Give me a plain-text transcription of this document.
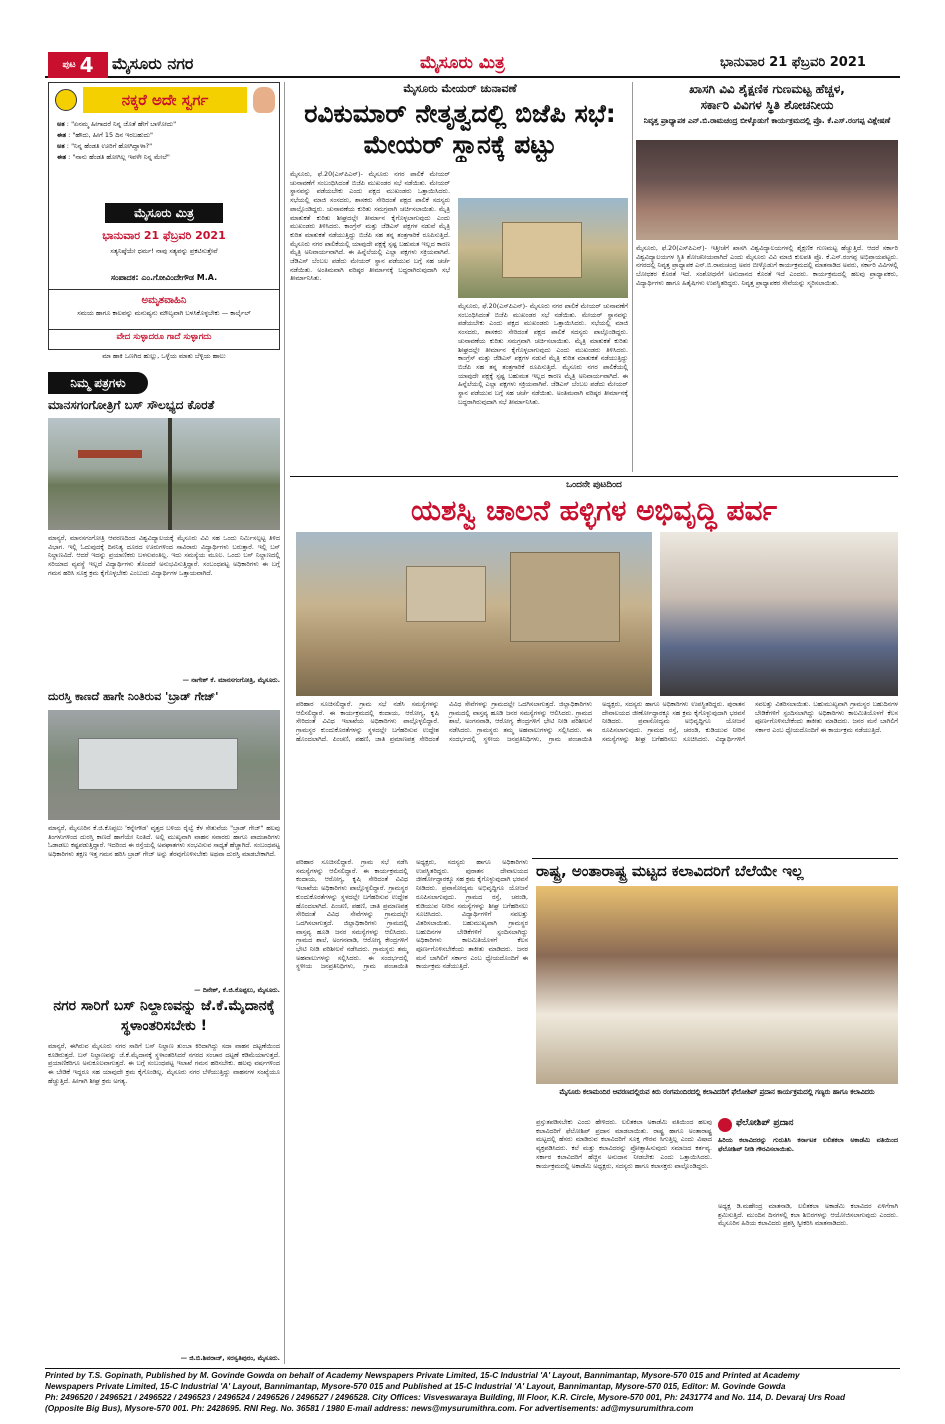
ಪುಟ 4 ಮೈಸೂರು ನಗರ	ಮೈಸೂರು ಮಿತ್ರ	ಭಾನುವಾರ 21 ಫೆಬ್ರವರಿ 2021
ನಕ್ಕರೆ ಅದೇ ಸ್ವರ್ಗ
ಅತ : "ಏನಮ್ಮ ಹೀಗಾದರೆ ನಿನ್ನ ಜೊತೆ ಹೇಗೆ ಬಾಳೋದು"
ಈತ : "ಹೌದು, ಹೀಗೆ 15 ದಿನ ಇರಬಹುದು"
ಅತ : "ನಿನ್ನ ಹೆಂಡತಿ ಊರಿಗೆ ಹೋಗಿದ್ದಾಳಾ?"
ಈತ : "ನಾನು ಹೆಂಡತಿ ಹೋಗಿಲ್ಲ ಇವಳೇ ನಿನ್ನ ಮೇಲೆ"
ಮೈಸೂರು ಮಿತ್ರ
ಭಾನುವಾರ 21 ಫೆಬ್ರವರಿ 2021
ಸತ್ಯನಿಷ್ಠೆಯೇ ಧರ್ಮ! ನಾವು ಸತ್ಯವನ್ನು ಪ್ರಕಟಿಸುತ್ತೇವೆ
ಸಂಪಾದಕ: ಎಂ.ಗೋವಿಂದೇಗೌಡ M.A.
ಅಮೃತವಾಹಿನಿ
ಸಮಯ ಹಾಗೂ ಕಾಲವನ್ನು ಮನುಷ್ಯನು ಮೌಲ್ಯವಾಗಿ ಬಳಸಿಕೊಳ್ಳಬೇಕು — ಕಾರ್ಲೈಲ್
ವೇದ ಸುಳ್ಳಾದರೂ ಗಾದೆ ಸುಳ್ಳಾಗದು
ಮಾ ಹಾಕಿ ಒಣಗಿದ ಹುಲ್ಲು, ಒಳ್ಳೆಯ ಮಾತು ಬೆಳ್ಳಿಯ ಹಾಲು
ನಿಮ್ಮ ಪತ್ರಗಳು
ಮಾನಸಗಂಗೋತ್ರಿಗೆ ಬಸ್ ಸೌಲಭ್ಯದ ಕೊರತೆ
ಮಾನ್ಯರೆ, ಮಾನಸಗಂಗೋತ್ರಿ ಆವರಣದಿಂದ ವಿಶ್ವವಿದ್ಯಾಲಯಕ್ಕೆ ಮೈಸೂರು ವಿವಿ ಸಹ ಒಂದು ನಿರ್ಮಿಸಲ್ಪಟ್ಟ ತಿಳಿದ ವಿಭಾಗ. ಇಲ್ಲಿ ಓದುವುದಕ್ಕೆ ದಿನನಿತ್ಯ ದೂರದ ಊರುಗಳಿಂದ ಸಾವಿರಾರು ವಿದ್ಯಾರ್ಥಿಗಳು ಬರುತ್ತಾರೆ. ಇಲ್ಲಿ ಬಸ್ ನಿಲ್ದಾಣವಿದೆ. ಆದರೆ ಇದನ್ನು ಪ್ರಯಾಣಿಕರು ಬಳಸುವಂತಿಲ್ಲ. ಇದು ಸಮಸ್ಯೆಯ ಮೂಲ. ಒಂದು ಬಸ್ ನಿಲ್ದಾಣದಲ್ಲಿ ಸರಿಯಾದ ವ್ಯವಸ್ಥೆ ಇಲ್ಲದೆ ವಿದ್ಯಾರ್ಥಿಗಳು ತೊಂದರೆ ಅನುಭವಿಸುತ್ತಿದ್ದಾರೆ. ಸಂಬಂಧಪಟ್ಟ ಅಧಿಕಾರಿಗಳು ಈ ಬಗ್ಗೆ ಗಮನ ಹರಿಸಿ ಸೂಕ್ತ ಕ್ರಮ ಕೈಗೊಳ್ಳಬೇಕು ಎಂಬುದು ವಿದ್ಯಾರ್ಥಿಗಳ ಒತ್ತಾಯವಾಗಿದೆ.
— ನಾಗೇಶ್ ಕೆ. ಮಾನಸಗಂಗೋತ್ರಿ, ಮೈಸೂರು.
ದುರಸ್ತಿ ಕಾಣದೆ ಹಾಗೇ ನಿಂತಿರುವ 'ಬ್ರಾಡ್ ಗೇಜ್'
ಮಾನ್ಯರೆ, ಮೈಸೂರಿನ ಕೆ.ಜಿ.ಕೊಪ್ಪಲು 'ಕನ್ನೇಗೌಡ' ವೃತ್ತದ ಬಳಿಯ ರೈಲ್ವೆ ಕೆಳ ಸೇತುವೆಯ "ಬ್ರಾಡ್ ಗೇಜ್" ಹಲವು ತಿಂಗಳುಗಳಿಂದ ದುರಸ್ತಿ ಕಾಣದೆ ಹಾಗೆಯೇ ನಿಂತಿದೆ. ಅಲ್ಲಿ ಮುಖ್ಯವಾಗಿ ವಾಹನ ಸವಾರರು ಹಾಗೂ ಪಾದಚಾರಿಗಳು ಓಡಾಡಲು ಕಷ್ಟಪಡುತ್ತಿದ್ದಾರೆ. ಇದರಿಂದ ಈ ರಸ್ತೆಯಲ್ಲಿ ಅಪಘಾತಗಳು ಸಂಭವಿಸುವ ಸಾಧ್ಯತೆ ಹೆಚ್ಚಾಗಿದೆ. ಸಂಬಂಧಪಟ್ಟ ಅಧಿಕಾರಿಗಳು ತಕ್ಷಣ ಇತ್ತ ಗಮನ ಹರಿಸಿ ಬ್ರಾಡ್ ಗೇಜ್ ಅನ್ನು ತೆರವುಗೊಳಿಸಬೇಕು ಅಥವಾ ದುರಸ್ತಿ ಮಾಡಬೇಕಾಗಿದೆ.
— ದಿನೇಶ್, ಕೆ.ಜಿ.ಕೊಪ್ಪಲು, ಮೈಸೂರು.
ನಗರ ಸಾರಿಗೆ ಬಸ್ ನಿಲ್ದಾಣವನ್ನು ಜೆ.ಕೆ.ಮೈದಾನಕ್ಕೆ ಸ್ಥಳಾಂತರಿಸಬೇಕು !
ಮಾನ್ಯರೆ, ಈಗಿರುವ ಮೈಸೂರು ನಗರ ಸಾರಿಗೆ ಬಸ್ ನಿಲ್ದಾಣ ತುಂಬಾ ಕಿರಿದಾಗಿದ್ದು ಸದಾ ವಾಹನ ದಟ್ಟಣೆಯಿಂದ ಕೂಡಿರುತ್ತದೆ. ಬಸ್ ನಿಲ್ದಾಣವನ್ನು ಜೆ.ಕೆ.ಮೈದಾನಕ್ಕೆ ಸ್ಥಳಾಂತರಿಸಿದರೆ ನಗರದ ಸಂಚಾರ ದಟ್ಟಣೆ ಕಡಿಮೆಯಾಗುತ್ತದೆ. ಪ್ರಯಾಣಿಕರಿಗೂ ಅನುಕೂಲವಾಗುತ್ತದೆ. ಈ ಬಗ್ಗೆ ಸಂಬಂಧಪಟ್ಟ ಇಲಾಖೆ ಗಮನ ಹರಿಸಬೇಕು. ಹಲವು ವರ್ಷಗಳಿಂದ ಈ ಬೇಡಿಕೆ ಇದ್ದರೂ ಸಹ ಯಾವುದೇ ಕ್ರಮ ಕೈಗೊಂಡಿಲ್ಲ. ಮೈಸೂರು ನಗರ ಬೆಳೆಯುತ್ತಿದ್ದು ವಾಹನಗಳ ಸಂಖ್ಯೆಯೂ ಹೆಚ್ಚುತ್ತಿದೆ. ಹೀಗಾಗಿ ಶೀಘ್ರ ಕ್ರಮ ಅಗತ್ಯ.
— ಜಿ.ಬಿ.ಶಿವರಾಜ್, ಸರಸ್ವತಿಪುರಂ, ಮೈಸೂರು.
ಮೈಸೂರು ಮೇಯರ್ ಚುನಾವಣೆ
ರವಿಕುಮಾರ್ ನೇತೃತ್ವದಲ್ಲಿ ಬಿಜೆಪಿ ಸಭೆ: ಮೇಯರ್ ಸ್ಥಾನಕ್ಕೆ ಪಟ್ಟು
ಮೈಸೂರು, ಫೆ.20(ಎಸ್‌ಪಿಎನ್)- ಮೈಸೂರು ನಗರ ಪಾಲಿಕೆ ಮೇಯರ್ ಚುನಾವಣೆಗೆ ಸಂಬಂಧಿಸಿದಂತೆ ಬಿಜೆಪಿ ಮುಖಂಡರ ಸಭೆ ನಡೆಯಿತು. ಮೇಯರ್ ಸ್ಥಾನವನ್ನು ಪಡೆಯಬೇಕು ಎಂದು ಪಕ್ಷದ ಮುಖಂಡರು ಒತ್ತಾಯಿಸಿದರು. ಸಭೆಯಲ್ಲಿ ಮಾಜಿ ಸಂಸದರು, ಶಾಸಕರು ಸೇರಿದಂತೆ ಪಕ್ಷದ ಪಾಲಿಕೆ ಸದಸ್ಯರು ಪಾಲ್ಗೊಂಡಿದ್ದರು. ಚುನಾವಣೆಯ ಕುರಿತು ಸಮಗ್ರವಾಗಿ ಚರ್ಚಿಸಲಾಯಿತು. ಮೈತ್ರಿ ಮಾತುಕತೆ ಕುರಿತು ಶೀಘ್ರದಲ್ಲೇ ತೀರ್ಮಾನ ಕೈಗೊಳ್ಳಲಾಗುವುದು ಎಂದು ಮುಖಂಡರು ತಿಳಿಸಿದರು. ಕಾಂಗ್ರೆಸ್ ಮತ್ತು ಜೆಡಿಎಸ್ ಪಕ್ಷಗಳ ನಡುವೆ ಮೈತ್ರಿ ಕುರಿತ ಮಾತುಕತೆ ನಡೆಯುತ್ತಿದ್ದು ಬಿಜೆಪಿ ಸಹ ತನ್ನ ತಂತ್ರಗಾರಿಕೆ ರೂಪಿಸುತ್ತಿದೆ. ಮೈಸೂರು ನಗರ ಪಾಲಿಕೆಯಲ್ಲಿ ಯಾವುದೇ ಪಕ್ಷಕ್ಕೆ ಸ್ಪಷ್ಟ ಬಹುಮತ ಇಲ್ಲದ ಕಾರಣ ಮೈತ್ರಿ ಅನಿವಾರ್ಯವಾಗಿದೆ. ಈ ಹಿನ್ನೆಲೆಯಲ್ಲಿ ಎಲ್ಲಾ ಪಕ್ಷಗಳು ಸಕ್ರಿಯವಾಗಿವೆ. ಜೆಡಿಎಸ್ ಬೆಂಬಲ ಪಡೆದು ಮೇಯರ್ ಸ್ಥಾನ ಪಡೆಯುವ ಬಗ್ಗೆ ಸಹ ಚರ್ಚೆ ನಡೆಯಿತು. ಅಂತಿಮವಾಗಿ ವರಿಷ್ಠರ ತೀರ್ಮಾನಕ್ಕೆ ಬದ್ಧರಾಗಿರುವುದಾಗಿ ಸಭೆ ತೀರ್ಮಾನಿಸಿತು.
ಮೈಸೂರು, ಫೆ.20(ಎಸ್‌ಪಿಎನ್)- ಮೈಸೂರು ನಗರ ಪಾಲಿಕೆ ಮೇಯರ್ ಚುನಾವಣೆಗೆ ಸಂಬಂಧಿಸಿದಂತೆ ಬಿಜೆಪಿ ಮುಖಂಡರ ಸಭೆ ನಡೆಯಿತು. ಮೇಯರ್ ಸ್ಥಾನವನ್ನು ಪಡೆಯಬೇಕು ಎಂದು ಪಕ್ಷದ ಮುಖಂಡರು ಒತ್ತಾಯಿಸಿದರು. ಸಭೆಯಲ್ಲಿ ಮಾಜಿ ಸಂಸದರು, ಶಾಸಕರು ಸೇರಿದಂತೆ ಪಕ್ಷದ ಪಾಲಿಕೆ ಸದಸ್ಯರು ಪಾಲ್ಗೊಂಡಿದ್ದರು. ಚುನಾವಣೆಯ ಕುರಿತು ಸಮಗ್ರವಾಗಿ ಚರ್ಚಿಸಲಾಯಿತು. ಮೈತ್ರಿ ಮಾತುಕತೆ ಕುರಿತು ಶೀಘ್ರದಲ್ಲೇ ತೀರ್ಮಾನ ಕೈಗೊಳ್ಳಲಾಗುವುದು ಎಂದು ಮುಖಂಡರು ತಿಳಿಸಿದರು. ಕಾಂಗ್ರೆಸ್ ಮತ್ತು ಜೆಡಿಎಸ್ ಪಕ್ಷಗಳ ನಡುವೆ ಮೈತ್ರಿ ಕುರಿತ ಮಾತುಕತೆ ನಡೆಯುತ್ತಿದ್ದು ಬಿಜೆಪಿ ಸಹ ತನ್ನ ತಂತ್ರಗಾರಿಕೆ ರೂಪಿಸುತ್ತಿದೆ. ಮೈಸೂರು ನಗರ ಪಾಲಿಕೆಯಲ್ಲಿ ಯಾವುದೇ ಪಕ್ಷಕ್ಕೆ ಸ್ಪಷ್ಟ ಬಹುಮತ ಇಲ್ಲದ ಕಾರಣ ಮೈತ್ರಿ ಅನಿವಾರ್ಯವಾಗಿದೆ. ಈ ಹಿನ್ನೆಲೆಯಲ್ಲಿ ಎಲ್ಲಾ ಪಕ್ಷಗಳು ಸಕ್ರಿಯವಾಗಿವೆ. ಜೆಡಿಎಸ್ ಬೆಂಬಲ ಪಡೆದು ಮೇಯರ್ ಸ್ಥಾನ ಪಡೆಯುವ ಬಗ್ಗೆ ಸಹ ಚರ್ಚೆ ನಡೆಯಿತು. ಅಂತಿಮವಾಗಿ ವರಿಷ್ಠರ ತೀರ್ಮಾನಕ್ಕೆ ಬದ್ಧರಾಗಿರುವುದಾಗಿ ಸಭೆ ತೀರ್ಮಾನಿಸಿತು.
ಖಾಸಗಿ ವಿವಿ ಶೈಕ್ಷಣಿಕ ಗುಣಮಟ್ಟ ಹೆಚ್ಚಳ,
ಸರ್ಕಾರಿ ವಿವಿಗಳ ಸ್ಥಿತಿ ಶೋಚನೀಯ
ನಿವೃತ್ತ ಪ್ರಾಧ್ಯಾಪಕ ಎನ್.ಬಿ.ರಾಮಚಂದ್ರ ಬೀಳ್ಕೊಡುಗೆ ಕಾರ್ಯಕ್ರಮದಲ್ಲಿ ಪ್ರೊ. ಕೆ.ಎಸ್.ರಂಗಪ್ಪ ವಿಶ್ಲೇಷಣೆ
ಮೈಸೂರು, ಫೆ.20(ಎಸ್‌ಪಿಎನ್)- ಇತ್ತೀಚೆಗೆ ಖಾಸಗಿ ವಿಶ್ವವಿದ್ಯಾಲಯಗಳಲ್ಲಿ ಶೈಕ್ಷಣಿಕ ಗುಣಮಟ್ಟ ಹೆಚ್ಚುತ್ತಿದೆ. ಆದರೆ ಸರ್ಕಾರಿ ವಿಶ್ವವಿದ್ಯಾಲಯಗಳ ಸ್ಥಿತಿ ಶೋಚನೀಯವಾಗಿದೆ ಎಂದು ಮೈಸೂರು ವಿವಿ ಮಾಜಿ ಕುಲಪತಿ ಪ್ರೊ. ಕೆ.ಎಸ್.ರಂಗಪ್ಪ ಅಭಿಪ್ರಾಯಪಟ್ಟರು. ನಗರದಲ್ಲಿ ನಿವೃತ್ತ ಪ್ರಾಧ್ಯಾಪಕ ಎನ್.ಬಿ.ರಾಮಚಂದ್ರ ಅವರ ಬೀಳ್ಕೊಡುಗೆ ಕಾರ್ಯಕ್ರಮದಲ್ಲಿ ಮಾತನಾಡಿದ ಅವರು, ಸರ್ಕಾರಿ ವಿವಿಗಳಲ್ಲಿ ಬೋಧಕರ ಕೊರತೆ ಇದೆ. ಸಂಶೋಧನೆಗೆ ಅನುದಾನದ ಕೊರತೆ ಇದೆ ಎಂದರು. ಕಾರ್ಯಕ್ರಮದಲ್ಲಿ ಹಲವು ಪ್ರಾಧ್ಯಾಪಕರು, ವಿದ್ಯಾರ್ಥಿಗಳು ಹಾಗೂ ಹಿತೈಷಿಗಳು ಉಪಸ್ಥಿತರಿದ್ದರು. ನಿವೃತ್ತ ಪ್ರಾಧ್ಯಾಪಕರ ಸೇವೆಯನ್ನು ಸ್ಮರಿಸಲಾಯಿತು.
ಒಂದನೇ ಪುಟದಿಂದ
ಯಶಸ್ವಿ ಚಾಲನೆ ಹಳ್ಳಿಗಳ ಅಭಿವೃದ್ಧಿ ಪರ್ವ
ಪರಿಹಾರ ಸೂಚಿಸಲಿದ್ದಾರೆ. ಗ್ರಾಮ ಸಭೆ ನಡೆಸಿ ಸಮಸ್ಯೆಗಳನ್ನು ಆಲಿಸಲಿದ್ದಾರೆ. ಈ ಕಾರ್ಯಕ್ರಮದಲ್ಲಿ ಕಂದಾಯ, ಆರೋಗ್ಯ, ಕೃಷಿ ಸೇರಿದಂತೆ ವಿವಿಧ ಇಲಾಖೆಯ ಅಧಿಕಾರಿಗಳು ಪಾಲ್ಗೊಳ್ಳಲಿದ್ದಾರೆ. ಗ್ರಾಮಸ್ಥರ ಕುಂದುಕೊರತೆಗಳನ್ನು ಸ್ಥಳದಲ್ಲೇ ಬಗೆಹರಿಸುವ ಉದ್ದೇಶ ಹೊಂದಲಾಗಿದೆ. ಪಿಂಚಣಿ, ಪಹಣಿ, ಜಾತಿ ಪ್ರಮಾಣಪತ್ರ ಸೇರಿದಂತೆ ವಿವಿಧ ಸೇವೆಗಳನ್ನು ಗ್ರಾಮದಲ್ಲೇ ಒದಗಿಸಲಾಗುತ್ತದೆ. ಜಿಲ್ಲಾಧಿಕಾರಿಗಳು ಗ್ರಾಮದಲ್ಲಿ ವಾಸ್ತವ್ಯ ಹೂಡಿ ಜನರ ಸಮಸ್ಯೆಗಳನ್ನು ಆಲಿಸಿದರು. ಗ್ರಾಮದ ಶಾಲೆ, ಅಂಗನವಾಡಿ, ಆರೋಗ್ಯ ಕೇಂದ್ರಗಳಿಗೆ ಭೇಟಿ ನೀಡಿ ಪರಿಶೀಲನೆ ನಡೆಸಿದರು. ಗ್ರಾಮಸ್ಥರು ತಮ್ಮ ಅಹವಾಲುಗಳನ್ನು ಸಲ್ಲಿಸಿದರು. ಈ ಸಂದರ್ಭದಲ್ಲಿ ಸ್ಥಳೀಯ ಜನಪ್ರತಿನಿಧಿಗಳು, ಗ್ರಾಮ ಪಂಚಾಯಿತಿ ಅಧ್ಯಕ್ಷರು, ಸದಸ್ಯರು ಹಾಗೂ ಅಧಿಕಾರಿಗಳು ಉಪಸ್ಥಿತರಿದ್ದರು. ಪುರಾತನ ದೇವಾಲಯದ ಜೀರ್ಣೋದ್ಧಾರಕ್ಕೂ ಸಹ ಕ್ರಮ ಕೈಗೊಳ್ಳುವುದಾಗಿ ಭರವಸೆ ನೀಡಿದರು. ಪ್ರವಾಸೋದ್ಯಮ ಅಭಿವೃದ್ಧಿಗೂ ಯೋಜನೆ ರೂಪಿಸಲಾಗುವುದು. ಗ್ರಾಮದ ರಸ್ತೆ, ಚರಂಡಿ, ಕುಡಿಯುವ ನೀರಿನ ಸಮಸ್ಯೆಗಳನ್ನು ಶೀಘ್ರ ಬಗೆಹರಿಸಲು ಸೂಚಿಸಿದರು. ವಿದ್ಯಾರ್ಥಿಗಳಿಗೆ ಸವಲತ್ತು ವಿತರಿಸಲಾಯಿತು. ಬಹುಮುಖ್ಯವಾಗಿ ಗ್ರಾಮಸ್ಥರ ಬಹುದಿನಗಳ ಬೇಡಿಕೆಗಳಿಗೆ ಸ್ಪಂದಿಸಲಾಗಿದ್ದು ಅಧಿಕಾರಿಗಳು ಕಾಲಮಿತಿಯೊಳಗೆ ಕೆಲಸ ಪೂರ್ಣಗೊಳಿಸಬೇಕೆಂದು ತಾಕೀತು ಮಾಡಿದರು. ಜನರ ಮನೆ ಬಾಗಿಲಿಗೆ ಸರ್ಕಾರ ಎಂಬ ಧ್ಯೇಯದೊಂದಿಗೆ ಈ ಕಾರ್ಯಕ್ರಮ ನಡೆಯುತ್ತಿದೆ.
ಪರಿಹಾರ ಸೂಚಿಸಲಿದ್ದಾರೆ. ಗ್ರಾಮ ಸಭೆ ನಡೆಸಿ ಸಮಸ್ಯೆಗಳನ್ನು ಆಲಿಸಲಿದ್ದಾರೆ. ಈ ಕಾರ್ಯಕ್ರಮದಲ್ಲಿ ಕಂದಾಯ, ಆರೋಗ್ಯ, ಕೃಷಿ ಸೇರಿದಂತೆ ವಿವಿಧ ಇಲಾಖೆಯ ಅಧಿಕಾರಿಗಳು ಪಾಲ್ಗೊಳ್ಳಲಿದ್ದಾರೆ. ಗ್ರಾಮಸ್ಥರ ಕುಂದುಕೊರತೆಗಳನ್ನು ಸ್ಥಳದಲ್ಲೇ ಬಗೆಹರಿಸುವ ಉದ್ದೇಶ ಹೊಂದಲಾಗಿದೆ. ಪಿಂಚಣಿ, ಪಹಣಿ, ಜಾತಿ ಪ್ರಮಾಣಪತ್ರ ಸೇರಿದಂತೆ ವಿವಿಧ ಸೇವೆಗಳನ್ನು ಗ್ರಾಮದಲ್ಲೇ ಒದಗಿಸಲಾಗುತ್ತದೆ. ಜಿಲ್ಲಾಧಿಕಾರಿಗಳು ಗ್ರಾಮದಲ್ಲಿ ವಾಸ್ತವ್ಯ ಹೂಡಿ ಜನರ ಸಮಸ್ಯೆಗಳನ್ನು ಆಲಿಸಿದರು. ಗ್ರಾಮದ ಶಾಲೆ, ಅಂಗನವಾಡಿ, ಆರೋಗ್ಯ ಕೇಂದ್ರಗಳಿಗೆ ಭೇಟಿ ನೀಡಿ ಪರಿಶೀಲನೆ ನಡೆಸಿದರು. ಗ್ರಾಮಸ್ಥರು ತಮ್ಮ ಅಹವಾಲುಗಳನ್ನು ಸಲ್ಲಿಸಿದರು. ಈ ಸಂದರ್ಭದಲ್ಲಿ ಸ್ಥಳೀಯ ಜನಪ್ರತಿನಿಧಿಗಳು, ಗ್ರಾಮ ಪಂಚಾಯಿತಿ ಅಧ್ಯಕ್ಷರು, ಸದಸ್ಯರು ಹಾಗೂ ಅಧಿಕಾರಿಗಳು ಉಪಸ್ಥಿತರಿದ್ದರು. ಪುರಾತನ ದೇವಾಲಯದ ಜೀರ್ಣೋದ್ಧಾರಕ್ಕೂ ಸಹ ಕ್ರಮ ಕೈಗೊಳ್ಳುವುದಾಗಿ ಭರವಸೆ ನೀಡಿದರು. ಪ್ರವಾಸೋದ್ಯಮ ಅಭಿವೃದ್ಧಿಗೂ ಯೋಜನೆ ರೂಪಿಸಲಾಗುವುದು. ಗ್ರಾಮದ ರಸ್ತೆ, ಚರಂಡಿ, ಕುಡಿಯುವ ನೀರಿನ ಸಮಸ್ಯೆಗಳನ್ನು ಶೀಘ್ರ ಬಗೆಹರಿಸಲು ಸೂಚಿಸಿದರು. ವಿದ್ಯಾರ್ಥಿಗಳಿಗೆ ಸವಲತ್ತು ವಿತರಿಸಲಾಯಿತು. ಬಹುಮುಖ್ಯವಾಗಿ ಗ್ರಾಮಸ್ಥರ ಬಹುದಿನಗಳ ಬೇಡಿಕೆಗಳಿಗೆ ಸ್ಪಂದಿಸಲಾಗಿದ್ದು ಅಧಿಕಾರಿಗಳು ಕಾಲಮಿತಿಯೊಳಗೆ ಕೆಲಸ ಪೂರ್ಣಗೊಳಿಸಬೇಕೆಂದು ತಾಕೀತು ಮಾಡಿದರು. ಜನರ ಮನೆ ಬಾಗಿಲಿಗೆ ಸರ್ಕಾರ ಎಂಬ ಧ್ಯೇಯದೊಂದಿಗೆ ಈ ಕಾರ್ಯಕ್ರಮ ನಡೆಯುತ್ತಿದೆ.
ರಾಷ್ಟ್ರ, ಅಂತಾರಾಷ್ಟ್ರ ಮಟ್ಟದ ಕಲಾವಿದರಿಗೆ ಬೆಲೆಯೇ ಇಲ್ಲ
ಮೈಸೂರು ಕಲಾಮಂದಿರ ಆವರಣದಲ್ಲಿರುವ ಕಿರು ರಂಗಮಂದಿರದಲ್ಲಿ ಕಲಾವಿದರಿಗೆ ಫೆಲೋಶಿಪ್ ಪ್ರದಾನ ಕಾರ್ಯಕ್ರಮದಲ್ಲಿ ಗಣ್ಯರು ಹಾಗೂ ಕಲಾವಿದರು
ಪ್ರಸ್ತುತಪಡಿಸಬೇಕು ಎಂದು ಹೇಳಿದರು. ಲಲಿತಕಲಾ ಅಕಾಡೆಮಿ ವತಿಯಿಂದ ಹಲವು ಕಲಾವಿದರಿಗೆ ಫೆಲೋಶಿಪ್ ಪ್ರದಾನ ಮಾಡಲಾಯಿತು. ರಾಷ್ಟ್ರ ಹಾಗೂ ಅಂತಾರಾಷ್ಟ್ರ ಮಟ್ಟದಲ್ಲಿ ಹೆಸರು ಮಾಡಿರುವ ಕಲಾವಿದರಿಗೆ ಸೂಕ್ತ ಗೌರವ ಸಿಗುತ್ತಿಲ್ಲ ಎಂದು ವಿಷಾದ ವ್ಯಕ್ತಪಡಿಸಿದರು. ಕಲೆ ಮತ್ತು ಕಲಾವಿದರನ್ನು ಪ್ರೋತ್ಸಾಹಿಸುವುದು ಸಮಾಜದ ಕರ್ತವ್ಯ. ಸರ್ಕಾರ ಕಲಾವಿದರಿಗೆ ಹೆಚ್ಚಿನ ಅನುದಾನ ನೀಡಬೇಕು ಎಂದು ಒತ್ತಾಯಿಸಿದರು. ಕಾರ್ಯಕ್ರಮದಲ್ಲಿ ಅಕಾಡೆಮಿ ಅಧ್ಯಕ್ಷರು, ಸದಸ್ಯರು ಹಾಗೂ ಕಲಾಸಕ್ತರು ಪಾಲ್ಗೊಂಡಿದ್ದರು.
ಫೆಲೋಶಿಪ್ ಪ್ರದಾನ
ಹಿರಿಯ ಕಲಾವಿದರನ್ನು ಗುರುತಿಸಿ ಕರ್ನಾಟಕ ಲಲಿತಕಲಾ ಅಕಾಡೆಮಿ ವತಿಯಿಂದ ಫೆಲೋಶಿಪ್ ನೀಡಿ ಗೌರವಿಸಲಾಯಿತು.
ಅಧ್ಯಕ್ಷ ಡಿ.ಮಹೇಂದ್ರ ಮಾತನಾಡಿ, ಲಲಿತಕಲಾ ಅಕಾಡೆಮಿ ಕಲಾವಿದರ ಏಳಿಗೆಗಾಗಿ ಶ್ರಮಿಸುತ್ತಿದೆ. ಮುಂದಿನ ದಿನಗಳಲ್ಲಿ ಕಲಾ ಶಿಬಿರಗಳನ್ನು ಆಯೋಜಿಸಲಾಗುವುದು ಎಂದರು. ಮೈಸೂರಿನ ಹಿರಿಯ ಕಲಾವಿದರು ಪ್ರಶಸ್ತಿ ಸ್ವೀಕರಿಸಿ ಮಾತನಾಡಿದರು.
Printed by T.S. Gopinath, Published by M. Govinde Gowda on behalf of Academy Newspapers Private Limited, 15-C Industrial 'A' Layout, Bannimantap, Mysore-570 015 and Printed at Academy
Newspapers Private Limited, 15-C Industrial 'A' Layout, Bannimantap, Mysore-570 015 and Published at 15-C Industrial 'A' Layout, Bannimantap, Mysore-570 015, Editor: M. Govinde Gowda
Ph: 2496520 / 2496521 / 2496522 / 2496523 / 2496524 / 2496526 / 2496527 / 2496528. City Offices: Visveswaraya Building, III Floor, K.R. Circle, Mysore-570 001, Ph: 2431774 and No. 114, D. Devaraj Urs Road
(Opposite Big Bus), Mysore-570 001. Ph: 2428695. RNI Reg. No. 36581 / 1980 E-mail address: news@mysurumithra.com. For advertisements: ad@mysurumithra.com
